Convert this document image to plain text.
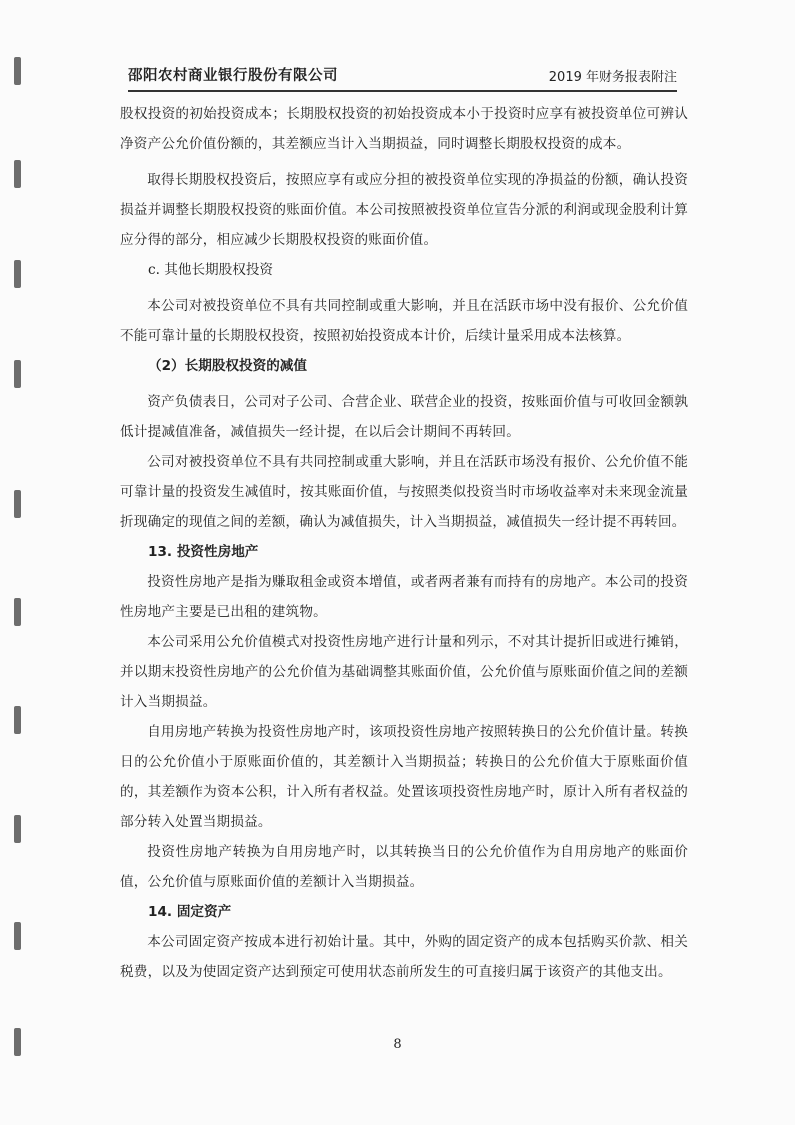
邵阳农村商业银行股份有限公司	2019 年财务报表附注

股权投资的初始投资成本；长期股权投资的初始投资成本小于投资时应享有被投资单位可辨认净资产公允价值份额的，其差额应当计入当期损益，同时调整长期股权投资的成本。

取得长期股权投资后，按照应享有或应分担的被投资单位实现的净损益的份额，确认投资损益并调整长期股权投资的账面价值。本公司按照被投资单位宣告分派的利润或现金股利计算应分得的部分，相应减少长期股权投资的账面价值。

c. 其他长期股权投资

本公司对被投资单位不具有共同控制或重大影响，并且在活跃市场中没有报价、公允价值不能可靠计量的长期股权投资，按照初始投资成本计价，后续计量采用成本法核算。

（2）长期股权投资的减值

资产负债表日，公司对子公司、合营企业、联营企业的投资，按账面价值与可收回金额孰低计提减值准备，减值损失一经计提，在以后会计期间不再转回。

公司对被投资单位不具有共同控制或重大影响，并且在活跃市场没有报价、公允价值不能可靠计量的投资发生减值时，按其账面价值，与按照类似投资当时市场收益率对未来现金流量折现确定的现值之间的差额，确认为减值损失，计入当期损益，减值损失一经计提不再转回。

13. 投资性房地产

投资性房地产是指为赚取租金或资本增值，或者两者兼有而持有的房地产。本公司的投资性房地产主要是已出租的建筑物。

本公司采用公允价值模式对投资性房地产进行计量和列示，不对其计提折旧或进行摊销，并以期末投资性房地产的公允价值为基础调整其账面价值，公允价值与原账面价值之间的差额计入当期损益。

自用房地产转换为投资性房地产时，该项投资性房地产按照转换日的公允价值计量。转换日的公允价值小于原账面价值的，其差额计入当期损益；转换日的公允价值大于原账面价值的，其差额作为资本公积，计入所有者权益。处置该项投资性房地产时，原计入所有者权益的部分转入处置当期损益。

投资性房地产转换为自用房地产时，以其转换当日的公允价值作为自用房地产的账面价值，公允价值与原账面价值的差额计入当期损益。

14. 固定资产

本公司固定资产按成本进行初始计量。其中，外购的固定资产的成本包括购买价款、相关税费，以及为使固定资产达到预定可使用状态前所发生的可直接归属于该资产的其他支出。

8
